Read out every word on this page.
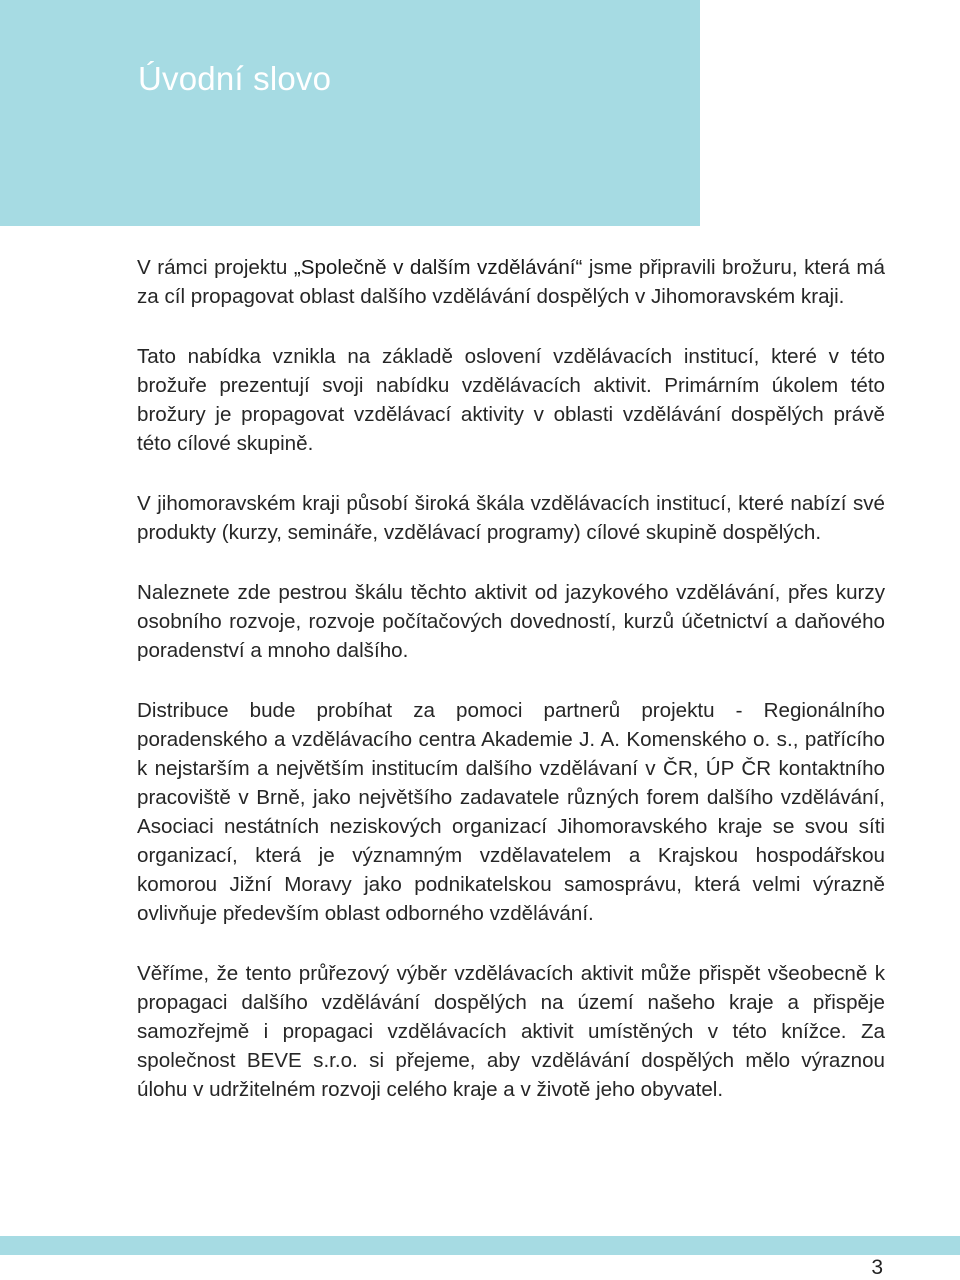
Úvodní slovo

V rámci projektu „Společně v dalším vzdělávání“ jsme připravili brožuru, která má za cíl propagovat oblast dalšího vzdělávání dospělých v Jihomoravském kraji.

Tato nabídka vznikla na základě oslovení vzdělávacích institucí, které v této brožuře prezentují svoji nabídku vzdělávacích aktivit. Primárním úkolem této brožury je propagovat vzdělávací aktivity v oblasti vzdělávání dospělých právě této cílové skupině.

V jihomoravském kraji působí široká škála vzdělávacích institucí, které nabízí své produkty (kurzy, semináře, vzdělávací programy) cílové skupině dospělých.

Naleznete zde pestrou škálu těchto aktivit od jazykového vzdělávání, přes kurzy osobního rozvoje, rozvoje počítačových dovedností, kurzů účetnictví a daňového poradenství a mnoho dalšího.

Distribuce bude probíhat za pomoci partnerů projektu - Regionálního poradenského a vzdělávacího centra Akademie J. A. Komenského o. s., patřícího k nejstarším a největším institucím dalšího vzdělávaní v ČR, ÚP ČR kontaktního pracoviště v Brně, jako největšího zadavatele různých forem dalšího vzdělávání, Asociaci nestátních neziskových organizací Jihomoravského kraje se svou síti organizací, která je významným vzdělavatelem a Krajskou hospodářskou komorou Jižní Moravy jako podnikatelskou samosprávu, která velmi výrazně ovlivňuje především oblast odborného vzdělávání.

Věříme, že tento průřezový výběr vzdělávacích aktivit může přispět všeobecně k propagaci dalšího vzdělávání dospělých na území našeho kraje a přispěje samozřejmě i propagaci vzdělávacích aktivit umístěných v této knížce. Za společnost BEVE s.r.o. si přejeme, aby vzdělávání dospělých mělo výraznou úlohu v udržitelném rozvoji celého kraje a v životě jeho obyvatel.

3
